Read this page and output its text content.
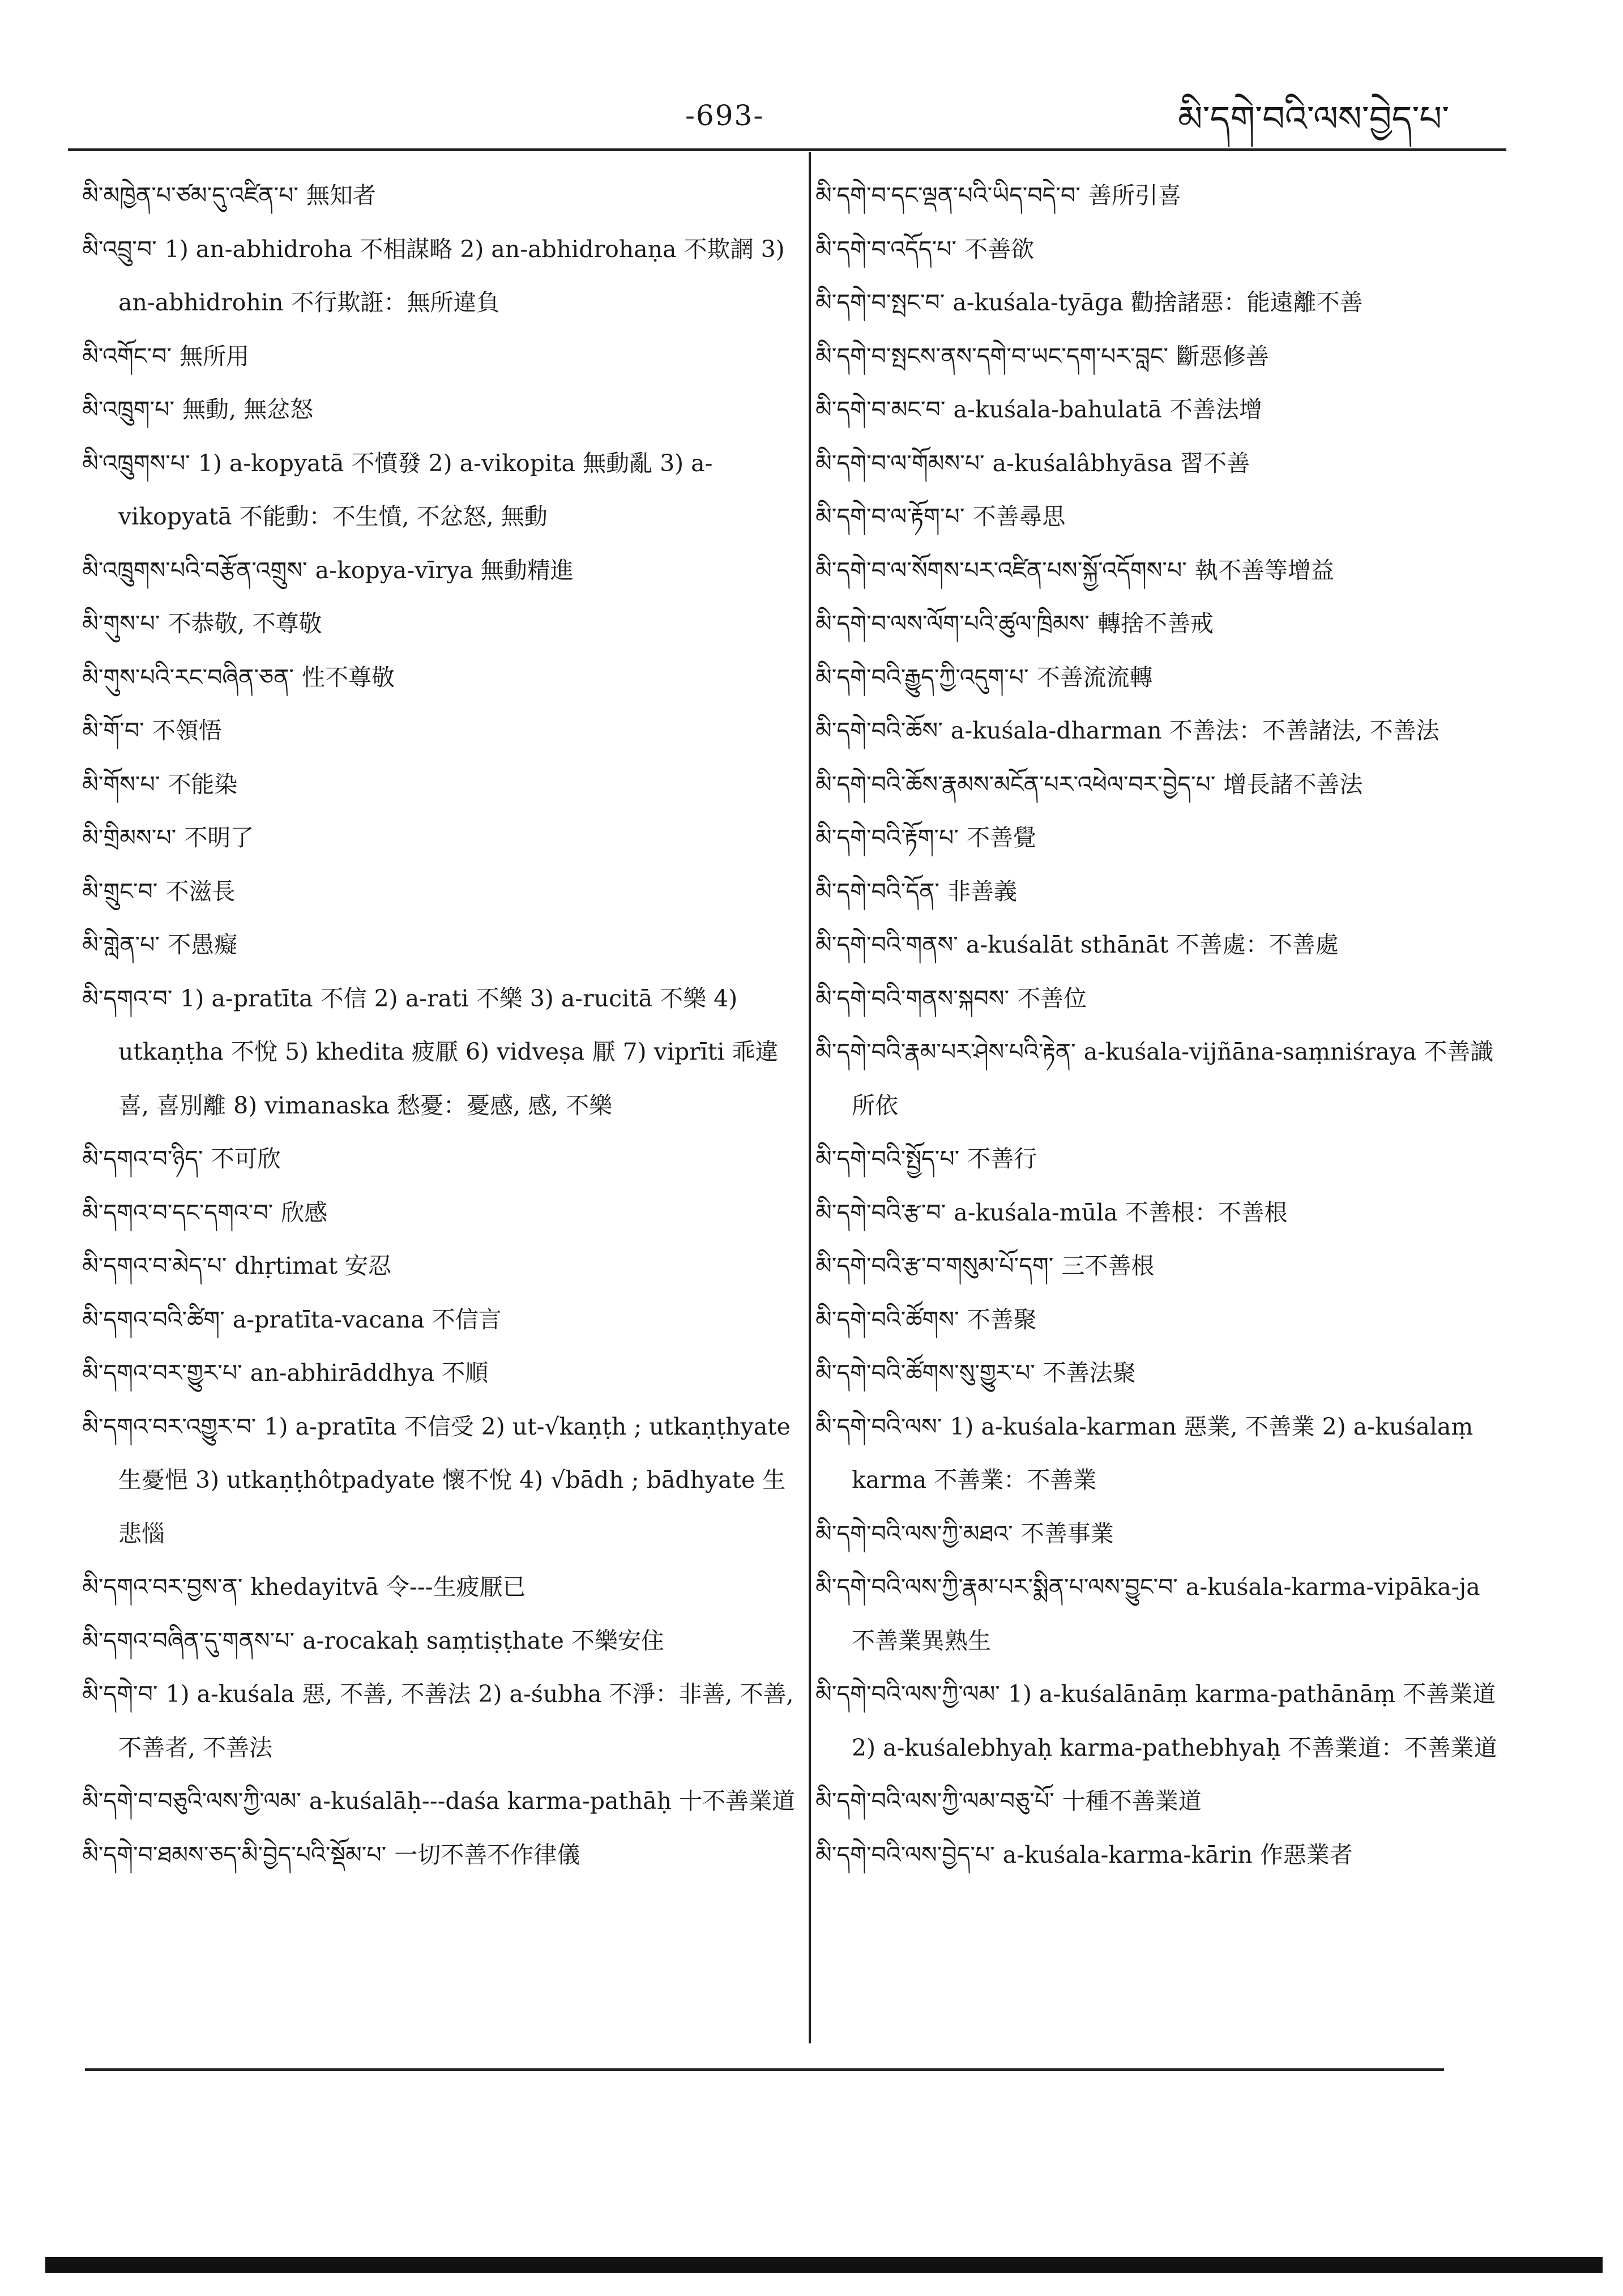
-693-	མི་དགེ་བའི་ལས་བྱེད་པ་
མི་མཁྱེན་པ་ཙམ་དུ་འཛིན་པ་ 無知者
མི་འབྲུ་བ་ 1) an-abhidroha 不相謀略 2) an-abhidrohaṇa 不欺誷 3) an-abhidrohin 不行欺誑：無所違負
མི་འགོང་བ་ 無所用
མི་འཁྲུག་པ་ 無動, 無忿怒
མི་འཁྲུགས་པ་ 1) a-kopyatā 不憤發 2) a-vikopita 無動亂 3) a-vikopyatā 不能動：不生憤, 不忿怒, 無動
མི་འཁྲུགས་པའི་བརྩོན་འགྲུས་ a-kopya-vīrya 無動精進
མི་གུས་པ་ 不恭敬, 不尊敬
མི་གུས་པའི་རང་བཞིན་ཅན་ 性不尊敬
མི་གོ་བ་ 不領悟
མི་གོས་པ་ 不能染
མི་གྲིམས་པ་ 不明了
མི་གྲུང་བ་ 不滋長
མི་གླེན་པ་ 不愚癡
མི་དགའ་བ་ 1) a-pratīta 不信 2) a-rati 不樂 3) a-rucitā 不樂 4) utkaṇṭha 不悅 5) khedita 疲厭 6) vidveṣa 厭 7) viprīti 乖違喜, 喜別離 8) vimanaska 愁憂：憂感, 感, 不樂
མི་དགའ་བ་ཉིད་ 不可欣
མི་དགའ་བ་དང་དགའ་བ་ 欣感
མི་དགའ་བ་མེད་པ་ dhṛtimat 安忍
མི་དགའ་བའི་ཚིག་ a-pratīta-vacana 不信言
མི་དགའ་བར་གྱུར་པ་ an-abhirāddhya 不順
མི་དགའ་བར་འགྱུར་བ་ 1) a-pratīta 不信受 2) ut-√kaṇṭh ; utkaṇṭhyate 生憂悒 3) utkaṇṭhôtpadyate 懷不悅 4) √bādh ; bādhyate 生悲惱
མི་དགའ་བར་བྱས་ན་ khedayitvā 令---生疲厭已
མི་དགའ་བཞིན་དུ་གནས་པ་ a-rocakaḥ saṃtiṣṭhate 不樂安住
མི་དགེ་བ་ 1) a-kuśala 惡, 不善, 不善法 2) a-śubha 不淨：非善, 不善, 不善者, 不善法
མི་དགེ་བ་བཅུའི་ལས་ཀྱི་ལམ་ a-kuśalāḥ---daśa karma-pathāḥ 十不善業道
མི་དགེ་བ་ཐམས་ཅད་མི་བྱེད་པའི་སྡོམ་པ་ 一切不善不作律儀
མི་དགེ་བ་དང་ལྡན་པའི་ཡིད་བདེ་བ་ 善所引喜
མི་དགེ་བ་འདོད་པ་ 不善欲
མི་དགེ་བ་སྤང་བ་ a-kuśala-tyāga 勸捨諸惡：能遠離不善
མི་དགེ་བ་སྤངས་ནས་དགེ་བ་ཡང་དག་པར་བླང་ 斷惡修善
མི་དགེ་བ་མང་བ་ a-kuśala-bahulatā 不善法增
མི་དགེ་བ་ལ་གོམས་པ་ a-kuśalâbhyāsa 習不善
མི་དགེ་བ་ལ་རྟོག་པ་ 不善尋思
མི་དགེ་བ་ལ་སོགས་པར་འཛིན་པས་སྐྱོ་འདོགས་པ་ 執不善等增益
མི་དགེ་བ་ལས་ལོག་པའི་ཚུལ་ཁྲིམས་ 轉捨不善戒
མི་དགེ་བའི་རྒྱུད་ཀྱི་འདུག་པ་ 不善流流轉
མི་དགེ་བའི་ཆོས་ a-kuśala-dharman 不善法：不善諸法, 不善法
མི་དགེ་བའི་ཆོས་རྣམས་མངོན་པར་འཕེལ་བར་བྱེད་པ་ 增長諸不善法
མི་དགེ་བའི་རྟོག་པ་ 不善覺
མི་དགེ་བའི་དོན་ 非善義
མི་དགེ་བའི་གནས་ a-kuśalāt sthānāt 不善處：不善處
མི་དགེ་བའི་གནས་སྐབས་ 不善位
མི་དགེ་བའི་རྣམ་པར་ཤེས་པའི་རྟེན་ a-kuśala-vijñāna-saṃniśraya 不善識所依
མི་དགེ་བའི་སྤྱོད་པ་ 不善行
མི་དགེ་བའི་རྩ་བ་ a-kuśala-mūla 不善根：不善根
མི་དགེ་བའི་རྩ་བ་གསུམ་པོ་དག་ 三不善根
མི་དགེ་བའི་ཚོགས་ 不善聚
མི་དགེ་བའི་ཚོགས་སུ་གྱུར་པ་ 不善法聚
མི་དགེ་བའི་ལས་ 1) a-kuśala-karman 惡業, 不善業 2) a-kuśalaṃ karma 不善業：不善業
མི་དགེ་བའི་ལས་ཀྱི་མཐའ་ 不善事業
མི་དགེ་བའི་ལས་ཀྱི་རྣམ་པར་སྨིན་པ་ལས་བྱུང་བ་ a-kuśala-karma-vipāka-ja 不善業異熟生
མི་དགེ་བའི་ལས་ཀྱི་ལམ་ 1) a-kuśalānāṃ karma-pathānāṃ 不善業道 2) a-kuśalebhyaḥ karma-pathebhyaḥ 不善業道：不善業道
མི་དགེ་བའི་ལས་ཀྱི་ལམ་བཅུ་པོ་ 十種不善業道
མི་དགེ་བའི་ལས་བྱེད་པ་ a-kuśala-karma-kārin 作惡業者
